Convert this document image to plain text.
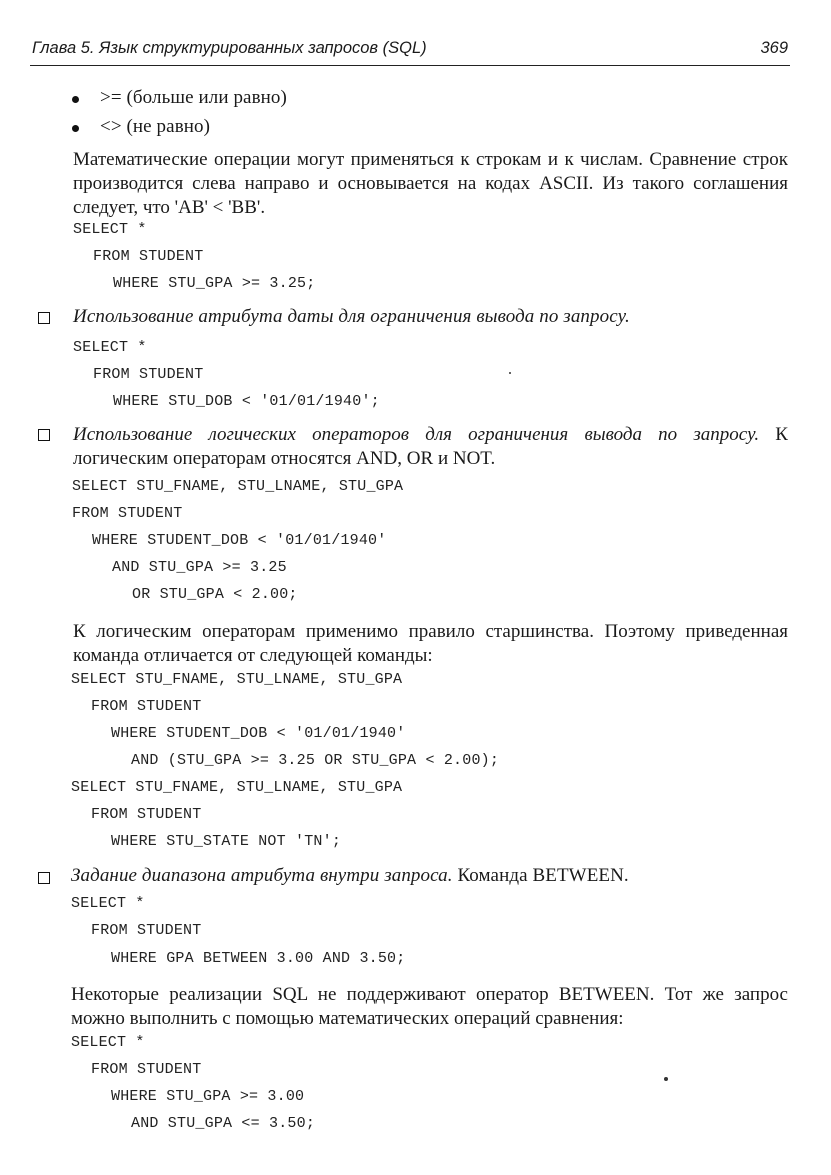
Глава 5. Язык структурированных запросов (SQL)	369
>= (больше или равно)
<> (не равно)
Математические операции могут применяться к строкам и к числам. Сравнение строк производится слева направо и основывается на кодах ASCII. Из такого соглашения следует, что 'AB' < 'BB'.
SELECT *
FROM STUDENT
WHERE STU_GPA >= 3.25;
Использование атрибута даты для ограничения вывода по запросу.
SELECT *
FROM STUDENT
WHERE STU_DOB < '01/01/1940';
Использование логических операторов для ограничения вывода по запросу. К логическим операторам относятся AND, OR и NOT.
SELECT STU_FNAME, STU_LNAME, STU_GPA
FROM STUDENT
WHERE STUDENT_DOB < '01/01/1940'
AND STU_GPA >= 3.25
OR STU_GPA < 2.00;
К логическим операторам применимо правило старшинства. Поэтому приведенная команда отличается от следующей команды:
SELECT STU_FNAME, STU_LNAME, STU_GPA
FROM STUDENT
WHERE STUDENT_DOB < '01/01/1940'
AND (STU_GPA >= 3.25 OR STU_GPA < 2.00);
SELECT STU_FNAME, STU_LNAME, STU_GPA
FROM STUDENT
WHERE STU_STATE NOT 'TN';
Задание диапазона атрибута внутри запроса. Команда BETWEEN.
SELECT *
FROM STUDENT
WHERE GPA BETWEEN 3.00 AND 3.50;
Некоторые реализации SQL не поддерживают оператор BETWEEN. Тот же запрос можно выполнить с помощью математических операций сравнения:
SELECT *
FROM STUDENT
WHERE STU_GPA >= 3.00
AND STU_GPA <= 3.50;
